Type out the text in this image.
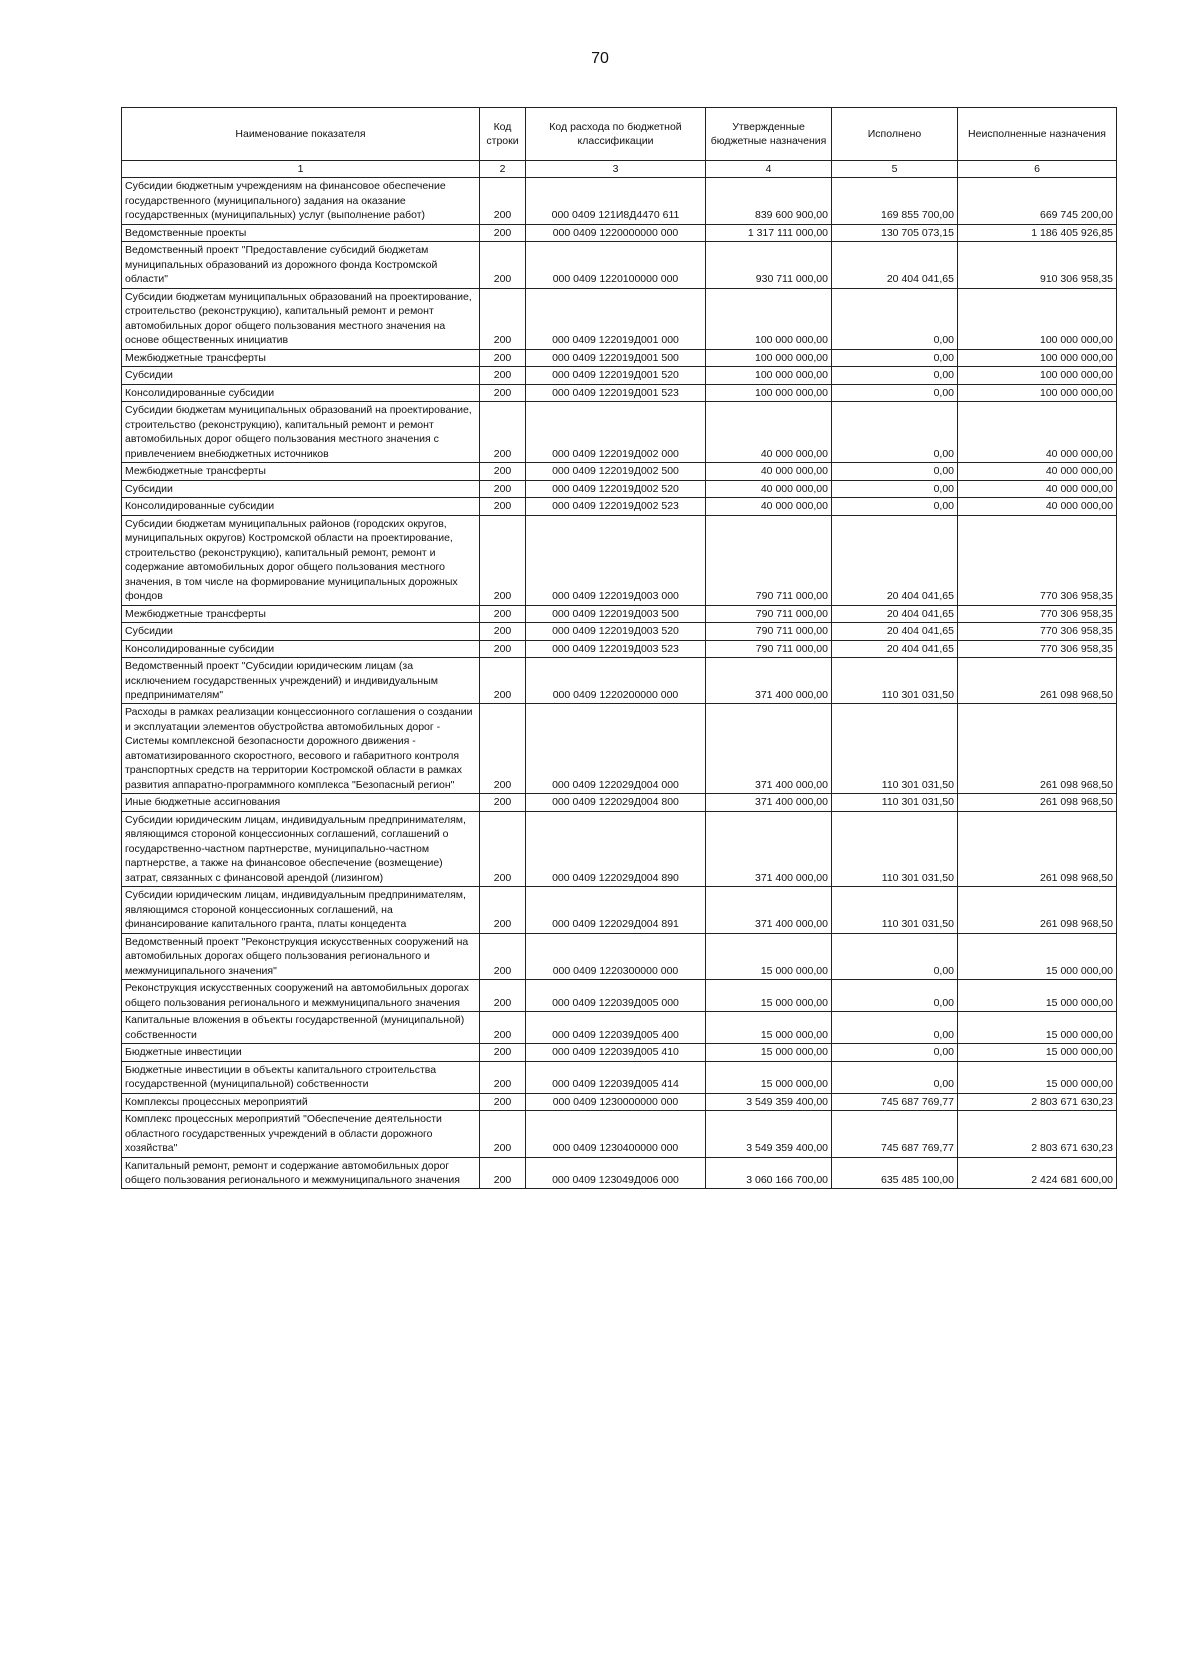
70
Наименование показателя	Код строки	Код расхода по бюджетной классификации	Утвержденные бюджетные назначения	Исполнено	Неисполненные назначения
1	2	3	4	5	6
Субсидии бюджетным учреждениям на финансовое обеспечение государственного (муниципального) задания на оказание государственных (муниципальных) услуг (выполнение работ)	200	000 0409 121И8Д4470 611	839 600 900,00	169 855 700,00	669 745 200,00
Ведомственные проекты	200	000 0409 1220000000 000	1 317 111 000,00	130 705 073,15	1 186 405 926,85
Ведомственный проект "Предоставление субсидий бюджетам муниципальных образований из дорожного фонда Костромской области"	200	000 0409 1220100000 000	930 711 000,00	20 404 041,65	910 306 958,35
Субсидии бюджетам муниципальных образований на проектирование, строительство (реконструкцию), капитальный ремонт и ремонт автомобильных дорог общего пользования местного значения на основе общественных инициатив	200	000 0409 122019Д001 000	100 000 000,00	0,00	100 000 000,00
Межбюджетные трансферты	200	000 0409 122019Д001 500	100 000 000,00	0,00	100 000 000,00
Субсидии	200	000 0409 122019Д001 520	100 000 000,00	0,00	100 000 000,00
Консолидированные субсидии	200	000 0409 122019Д001 523	100 000 000,00	0,00	100 000 000,00
Субсидии бюджетам муниципальных образований на проектирование, строительство (реконструкцию), капитальный ремонт и ремонт автомобильных дорог общего пользования местного значения с привлечением внебюджетных источников	200	000 0409 122019Д002 000	40 000 000,00	0,00	40 000 000,00
Межбюджетные трансферты	200	000 0409 122019Д002 500	40 000 000,00	0,00	40 000 000,00
Субсидии	200	000 0409 122019Д002 520	40 000 000,00	0,00	40 000 000,00
Консолидированные субсидии	200	000 0409 122019Д002 523	40 000 000,00	0,00	40 000 000,00
Субсидии бюджетам муниципальных районов (городских округов, муниципальных округов) Костромской области на проектирование, строительство (реконструкцию), капитальный ремонт, ремонт и содержание автомобильных дорог общего пользования местного значения, в том числе на формирование муниципальных дорожных фондов	200	000 0409 122019Д003 000	790 711 000,00	20 404 041,65	770 306 958,35
Межбюджетные трансферты	200	000 0409 122019Д003 500	790 711 000,00	20 404 041,65	770 306 958,35
Субсидии	200	000 0409 122019Д003 520	790 711 000,00	20 404 041,65	770 306 958,35
Консолидированные субсидии	200	000 0409 122019Д003 523	790 711 000,00	20 404 041,65	770 306 958,35
Ведомственный проект "Субсидии юридическим лицам (за исключением государственных учреждений) и индивидуальным предпринимателям"	200	000 0409 1220200000 000	371 400 000,00	110 301 031,50	261 098 968,50
Расходы в рамках реализации концессионного соглашения о создании и эксплуатации элементов обустройства автомобильных дорог - Системы комплексной безопасности дорожного движения - автоматизированного скоростного, весового и габаритного контроля транспортных средств на территории Костромской области в рамках развития аппаратно-программного комплекса "Безопасный регион"	200	000 0409 122029Д004 000	371 400 000,00	110 301 031,50	261 098 968,50
Иные бюджетные ассигнования	200	000 0409 122029Д004 800	371 400 000,00	110 301 031,50	261 098 968,50
Субсидии юридическим лицам, индивидуальным предпринимателям, являющимся стороной концессионных соглашений, соглашений о государственно-частном партнерстве, муниципально-частном партнерстве, а также на финансовое обеспечение (возмещение) затрат, связанных с финансовой арендой (лизингом)	200	000 0409 122029Д004 890	371 400 000,00	110 301 031,50	261 098 968,50
Субсидии юридическим лицам, индивидуальным предпринимателям, являющимся стороной концессионных соглашений, на финансирование капитального гранта, платы концедента	200	000 0409 122029Д004 891	371 400 000,00	110 301 031,50	261 098 968,50
Ведомственный проект "Реконструкция искусственных сооружений на автомобильных дорогах общего пользования регионального и межмуниципального значения"	200	000 0409 1220300000 000	15 000 000,00	0,00	15 000 000,00
Реконструкция искусственных сооружений на автомобильных дорогах общего пользования регионального и межмуниципального значения	200	000 0409 122039Д005 000	15 000 000,00	0,00	15 000 000,00
Капитальные вложения в объекты государственной (муниципальной) собственности	200	000 0409 122039Д005 400	15 000 000,00	0,00	15 000 000,00
Бюджетные инвестиции	200	000 0409 122039Д005 410	15 000 000,00	0,00	15 000 000,00
Бюджетные инвестиции в объекты капитального строительства государственной (муниципальной) собственности	200	000 0409 122039Д005 414	15 000 000,00	0,00	15 000 000,00
Комплексы процессных мероприятий	200	000 0409 1230000000 000	3 549 359 400,00	745 687 769,77	2 803 671 630,23
Комплекс процессных мероприятий "Обеспечение деятельности областного государственных учреждений в области дорожного хозяйства"	200	000 0409 1230400000 000	3 549 359 400,00	745 687 769,77	2 803 671 630,23
Капитальный ремонт, ремонт и содержание автомобильных дорог общего пользования регионального и межмуниципального значения	200	000 0409 123049Д006 000	3 060 166 700,00	635 485 100,00	2 424 681 600,00
